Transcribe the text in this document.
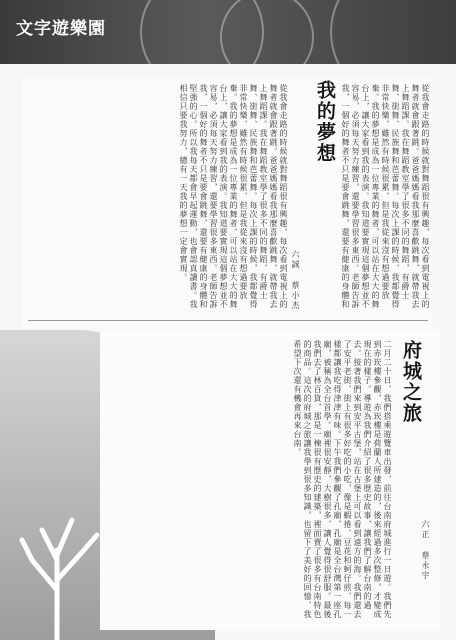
文字遊樂園
我的夢想
六誠 蔡小杰
從我會走路的時候就對舞蹈很有興趣，每次看到電視上的舞者就會跟著跳。爸爸媽媽看我那麼喜歡跳舞，就帶我去上舞蹈課。我在舞蹈教室學了很多不同的舞蹈，有爵士舞、街舞、民族舞和芭蕾舞。每次上課的時候，我都覺得非常快樂，雖然有時候很累，但是我從來沒有想過要放棄。我的夢想是成為一位專業的舞者，可以站在大大的舞台上，讓大家看到我的表演。我知道要實現這個夢想並不容易，必須每天努力練習，還要學習很多東西。老師告訴我，一個好的舞者不只是要會跳舞，還要有健康的身體和
從我會走路的時候就對舞蹈很有興趣，每次看到電視上的舞者就會跟著跳。爸爸媽媽看我那麼喜歡跳舞，就帶我去上舞蹈課。我在舞蹈教室學了很多不同的舞蹈，有爵士舞、街舞、民族舞和芭蕾舞。每次上課的時候，我都覺得非常快樂，雖然有時候很累，但是我從來沒有想過要放棄。我的夢想是成為一位專業的舞者，可以站在大大的舞台上，讓大家看到我的表演。我知道要實現這個夢想並不容易，必須每天努力練習，還要學習很多東西。老師告訴我，一個好的舞者不只是要會跳舞，還要有健康的身體和堅強的心。所以我每天都會早起運動，也會認真讀書。我相信只要我努力，總有一天我的夢想一定會實現。
府城之旅
六正 蔡永宇
二月二十日，我們搭乘遊覽車出發，前往台南府城進行一日遊。我們先到赤崁樓參觀，赤崁樓是荷蘭人所建造的，後來經過多次整修，才變成現在的樣子。導遊為我們介紹了很多歷史故事，讓我們了解台南的過去。接著我們來到安平古堡，站在古堡上可以看到遠方的海。我們還去了安平老街，街上有很多好吃的小吃，像是蝦捲、豆花和蚵仔煎，每一樣都讓我吃得津津有味。下午我們參觀了孔廟，孔廟是全台灣第一座孔廟，被稱為全台首學。廟裡很安靜，大樹很多，讓人覺得很舒服。最後我們去了林百貨，那是一棟很有歷史的建築，裡面賣了很多有台南特色的商品。這次的府城之旅讓我學到很多知識，也留下了美好的回憶，我希望下次還有機會再來台南。
